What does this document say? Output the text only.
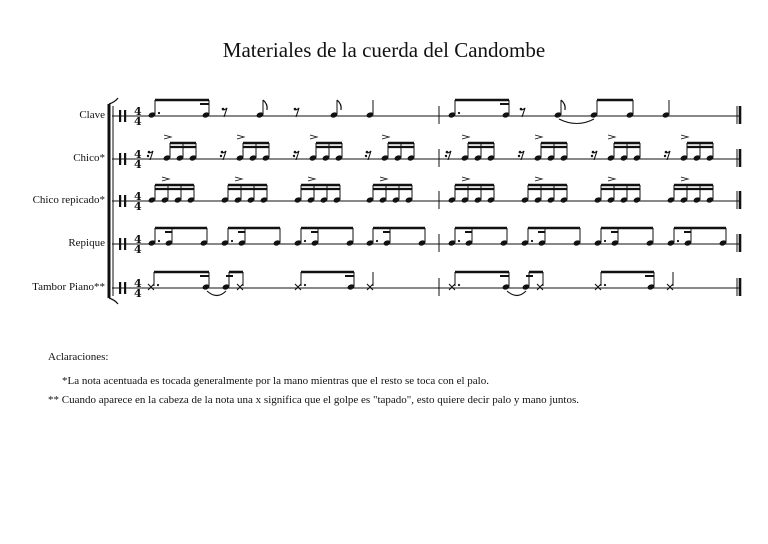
Materiales de la cuerda del Candombe
Clave
Chico*
Chico repicado*
Repique
Tambor Piano**
4
4
4
4
4
4
4
4
4
4
Aclaraciones:
*La nota acentuada es tocada generalmente por la mano mientras que el resto se toca con el palo.
** Cuando aparece en la cabeza de la nota una x significa que el golpe es "tapado", esto quiere decir palo y mano juntos.
